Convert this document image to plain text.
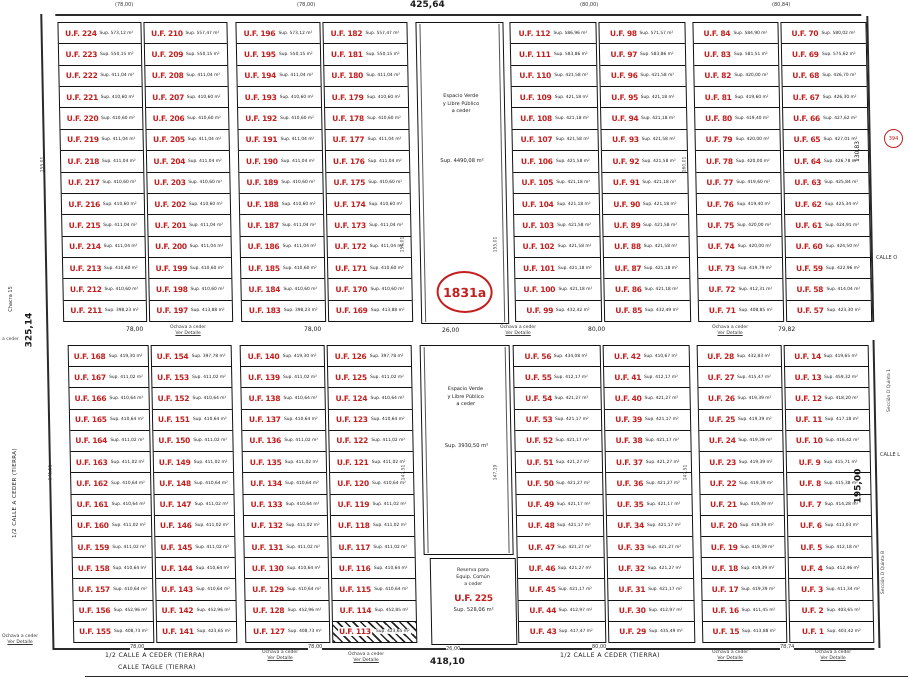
U.F. 224 Sup. 573,12 m²
U.F. 223 Sup. 550,15 m²
U.F. 222 Sup. 411,04 m²
U.F. 221 Sup. 410,60 m²
U.F. 220 Sup. 410,60 m²
U.F. 219 Sup. 411,04 m²
U.F. 218 Sup. 411,04 m²
U.F. 217 Sup. 410,60 m²
U.F. 216 Sup. 410,60 m²
U.F. 215 Sup. 411,04 m²
U.F. 214 Sup. 411,04 m²
U.F. 213 Sup. 410,60 m²
U.F. 212 Sup. 410,60 m²
U.F. 211 Sup. 398,23 m²
U.F. 210 Sup. 557,47 m²
U.F. 209 Sup. 550,15 m²
U.F. 208 Sup. 411,04 m²
U.F. 207 Sup. 410,60 m²
U.F. 206 Sup. 410,60 m²
U.F. 205 Sup. 411,04 m²
U.F. 204 Sup. 411,04 m²
U.F. 203 Sup. 410,60 m²
U.F. 202 Sup. 410,60 m²
U.F. 201 Sup. 411,04 m²
U.F. 200 Sup. 411,04 m²
U.F. 199 Sup. 410,60 m²
U.F. 198 Sup. 410,60 m²
U.F. 197 Sup. 413,88 m²
U.F. 196 Sup. 573,12 m²
U.F. 195 Sup. 550,15 m²
U.F. 194 Sup. 411,04 m²
U.F. 193 Sup. 410,60 m²
U.F. 192 Sup. 410,60 m²
U.F. 191 Sup. 411,04 m²
U.F. 190 Sup. 411,04 m²
U.F. 189 Sup. 410,60 m²
U.F. 188 Sup. 410,60 m²
U.F. 187 Sup. 411,04 m²
U.F. 186 Sup. 411,04 m²
U.F. 185 Sup. 410,60 m²
U.F. 184 Sup. 410,60 m²
U.F. 183 Sup. 398,23 m²
U.F. 182 Sup. 557,47 m²
U.F. 181 Sup. 550,15 m²
U.F. 180 Sup. 411,04 m²
U.F. 179 Sup. 410,60 m²
U.F. 178 Sup. 410,60 m²
U.F. 177 Sup. 411,04 m²
U.F. 176 Sup. 411,04 m²
U.F. 175 Sup. 410,60 m²
U.F. 174 Sup. 410,60 m²
U.F. 173 Sup. 411,04 m²
U.F. 172 Sup. 411,04 m²
U.F. 171 Sup. 410,60 m²
U.F. 170 Sup. 410,60 m²
U.F. 169 Sup. 413,88 m²
U.F. 112 Sup. 586,96 m²
U.F. 111 Sup. 583,86 m²
U.F. 110 Sup. 421,58 m²
U.F. 109 Sup. 421,18 m²
U.F. 108 Sup. 421,18 m²
U.F. 107 Sup. 421,58 m²
U.F. 106 Sup. 421,58 m²
U.F. 105 Sup. 421,18 m²
U.F. 104 Sup. 421,18 m²
U.F. 103 Sup. 421,58 m²
U.F. 102 Sup. 421,58 m²
U.F. 101 Sup. 421,18 m²
U.F. 100 Sup. 421,18 m²
U.F. 99 Sup. 432,42 m²
U.F. 98 Sup. 571,57 m²
U.F. 97 Sup. 583,86 m²
U.F. 96 Sup. 421,58 m²
U.F. 95 Sup. 421,18 m²
U.F. 94 Sup. 421,18 m²
U.F. 93 Sup. 421,58 m²
U.F. 92 Sup. 421,58 m²
U.F. 91 Sup. 421,18 m²
U.F. 90 Sup. 421,18 m²
U.F. 89 Sup. 421,58 m²
U.F. 88 Sup. 421,58 m²
U.F. 87 Sup. 421,18 m²
U.F. 86 Sup. 421,18 m²
U.F. 85 Sup. 432,49 m²
U.F. 84 Sup. 584,90 m²
U.F. 83 Sup. 581,51 m²
U.F. 82 Sup. 420,00 m²
U.F. 81 Sup. 419,60 m²
U.F. 80 Sup. 419,40 m²
U.F. 79 Sup. 420,00 m²
U.F. 78 Sup. 420,00 m²
U.F. 77 Sup. 419,60 m²
U.F. 76 Sup. 419,40 m²
U.F. 75 Sup. 420,00 m²
U.F. 74 Sup. 420,00 m²
U.F. 73 Sup. 419,79 m²
U.F. 72 Sup. 412,31 m²
U.F. 71 Sup. 408,85 m²
U.F. 70 Sup. 580,02 m²
U.F. 69 Sup. 575,62 m²
U.F. 68 Sup. 426,70 m²
U.F. 67 Sup. 426,30 m²
U.F. 66 Sup. 427,62 m²
U.F. 65 Sup. 427,01 m²
U.F. 64 Sup. 426,78 m²
U.F. 63 Sup. 425,84 m²
U.F. 62 Sup. 425,34 m²
U.F. 61 Sup. 424,91 m²
U.F. 60 Sup. 424,50 m²
U.F. 59 Sup. 422,96 m²
U.F. 58 Sup. 414,04 m²
U.F. 57 Sup. 423,30 m²
U.F. 168 Sup. 419,30 m²
U.F. 167 Sup. 411,02 m²
U.F. 166 Sup. 410,64 m²
U.F. 165 Sup. 410,64 m²
U.F. 164 Sup. 411,02 m²
U.F. 163 Sup. 411,02 m²
U.F. 162 Sup. 410,64 m²
U.F. 161 Sup. 410,64 m²
U.F. 160 Sup. 411,02 m²
U.F. 159 Sup. 411,02 m²
U.F. 158 Sup. 410,64 m²
U.F. 157 Sup. 410,64 m²
U.F. 156 Sup. 452,96 m²
U.F. 155 Sup. 408,73 m²
U.F. 154 Sup. 397,78 m²
U.F. 153 Sup. 411,02 m²
U.F. 152 Sup. 410,64 m²
U.F. 151 Sup. 410,64 m²
U.F. 150 Sup. 411,02 m²
U.F. 149 Sup. 411,02 m²
U.F. 148 Sup. 410,64 m²
U.F. 147 Sup. 411,02 m²
U.F. 146 Sup. 411,02 m²
U.F. 145 Sup. 411,02 m²
U.F. 144 Sup. 410,64 m²
U.F. 143 Sup. 410,64 m²
U.F. 142 Sup. 452,96 m²
U.F. 141 Sup. 423,65 m²
U.F. 140 Sup. 419,30 m²
U.F. 139 Sup. 411,02 m²
U.F. 138 Sup. 410,64 m²
U.F. 137 Sup. 410,64 m²
U.F. 136 Sup. 411,02 m²
U.F. 135 Sup. 411,02 m²
U.F. 134 Sup. 410,64 m²
U.F. 133 Sup. 410,64 m²
U.F. 132 Sup. 411,02 m²
U.F. 131 Sup. 411,02 m²
U.F. 130 Sup. 410,64 m²
U.F. 129 Sup. 410,64 m²
U.F. 128 Sup. 452,96 m²
U.F. 127 Sup. 408,73 m²
U.F. 126 Sup. 397,78 m²
U.F. 125 Sup. 411,02 m²
U.F. 124 Sup. 410,64 m²
U.F. 123 Sup. 410,64 m²
U.F. 122 Sup. 411,02 m²
U.F. 121 Sup. 411,02 m²
U.F. 120 Sup. 410,64 m²
U.F. 119 Sup. 411,02 m²
U.F. 118 Sup. 411,02 m²
U.F. 117 Sup. 411,02 m²
U.F. 116 Sup. 410,64 m²
U.F. 115 Sup. 410,64 m²
U.F. 114 Sup. 452,85 m²
U.F. 113 Sup. 423,65 m²
U.F. 56 Sup. 434,08 m²
U.F. 55 Sup. 412,17 m²
U.F. 54 Sup. 421,27 m²
U.F. 53 Sup. 421,17 m²
U.F. 52 Sup. 421,17 m²
U.F. 51 Sup. 421,27 m²
U.F. 50 Sup. 421,27 m²
U.F. 49 Sup. 421,17 m²
U.F. 48 Sup. 421,17 m²
U.F. 47 Sup. 421,27 m²
U.F. 46 Sup. 421,27 m²
U.F. 45 Sup. 421,17 m²
U.F. 44 Sup. 412,97 m²
U.F. 43 Sup. 417,47 m²
U.F. 42 Sup. 410,67 m²
U.F. 41 Sup. 412,17 m²
U.F. 40 Sup. 421,27 m²
U.F. 39 Sup. 421,17 m²
U.F. 38 Sup. 421,17 m²
U.F. 37 Sup. 421,27 m²
U.F. 36 Sup. 421,27 m²
U.F. 35 Sup. 421,17 m²
U.F. 34 Sup. 421,17 m²
U.F. 33 Sup. 421,27 m²
U.F. 32 Sup. 421,27 m²
U.F. 31 Sup. 421,17 m²
U.F. 30 Sup. 412,97 m²
U.F. 29 Sup. 435,49 m²
U.F. 28 Sup. 432,83 m²
U.F. 27 Sup. 415,47 m²
U.F. 26 Sup. 419,39 m²
U.F. 25 Sup. 419,39 m²
U.F. 24 Sup. 419,39 m²
U.F. 23 Sup. 419,39 m²
U.F. 22 Sup. 419,39 m²
U.F. 21 Sup. 419,39 m²
U.F. 20 Sup. 419,39 m²
U.F. 19 Sup. 419,39 m²
U.F. 18 Sup. 419,39 m²
U.F. 17 Sup. 419,39 m²
U.F. 16 Sup. 411,45 m²
U.F. 15 Sup. 413,88 m²
U.F. 14 Sup. 419,65 m²
U.F. 13 Sup. 459,32 m²
U.F. 12 Sup. 418,20 m²
U.F. 11 Sup. 417,18 m²
U.F. 10 Sup. 416,42 m²
U.F. 9 Sup. 415,71 m²
U.F. 8 Sup. 415,38 m²
U.F. 7 Sup. 414,28 m²
U.F. 6 Sup. 413,03 m²
U.F. 5 Sup. 412,18 m²
U.F. 4 Sup. 412,46 m²
U.F. 3 Sup. 411,34 m²
U.F. 2 Sup. 403,65 m²
U.F. 1 Sup. 403,42 m²
Espacio Verde
y Libre Público
a ceder
Sup. 4490,08 m²
1831a
Espacio Verde
y Libre Público
a ceder
Sup. 3930,50 m²
Reserva para
Equip. Común
a ceder
U.F. 225
Sup. 528,06 m²
425,64
(78,00)	(78,00)	(80,00)	(80,84)
78,00	78,00	26,00	80,00	79,82
78,00	78,00	26,00	80,00	78,74
418,10
1/2 CALLE A CEDER (TIERRA)	1/2 CALLE A CEDER (TIERRA)
CALLE TAGLE (TIERRA)
1/2 CALLE A CEDER (TIERRA)
CALLE O
CALLE L
325,14
Chacra 15
a ceder
130,83
195,00
Sección D Quinta 1
Sección D Quinta B
394
155,01
156,01	155,01
160,01
141,51	147,51	147,19	147,51
Ochava a ceder
Ver Detalle
Ochava a ceder
Ver Detalle
Ochava a ceder
Ver Detalle
Ochava a ceder
Ver Detalle
Ochava a ceder
Ver Detalle
Ochava a ceder
Ver Detalle
Ochava a ceder
Ver Detalle
Ochava a ceder
Ver Detalle
